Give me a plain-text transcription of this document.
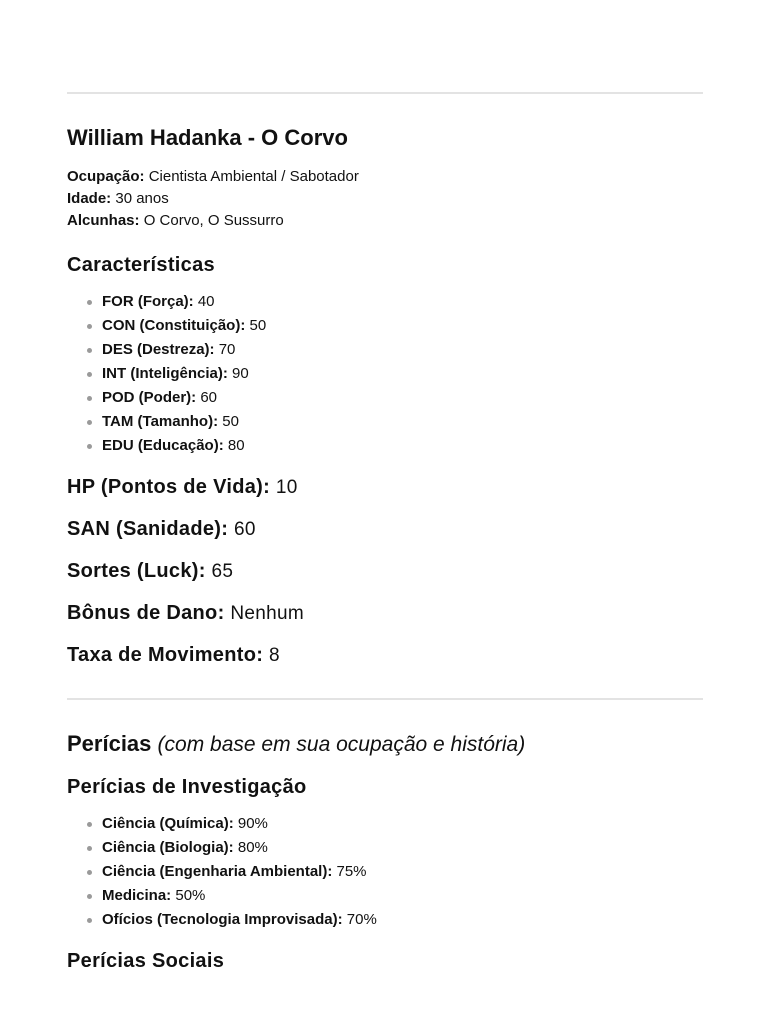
William Hadanka - O Corvo
Ocupação: Cientista Ambiental / Sabotador
Idade: 30 anos
Alcunhas: O Corvo, O Sussurro
Características
FOR (Força): 40
CON (Constituição): 50
DES (Destreza): 70
INT (Inteligência): 90
POD (Poder): 60
TAM (Tamanho): 50
EDU (Educação): 80
HP (Pontos de Vida): 10
SAN (Sanidade): 60
Sortes (Luck): 65
Bônus de Dano: Nenhum
Taxa de Movimento: 8
Perícias (com base em sua ocupação e história)
Perícias de Investigação
Ciência (Química): 90%
Ciência (Biologia): 80%
Ciência (Engenharia Ambiental): 75%
Medicina: 50%
Ofícios (Tecnologia Improvisada): 70%
Perícias Sociais
